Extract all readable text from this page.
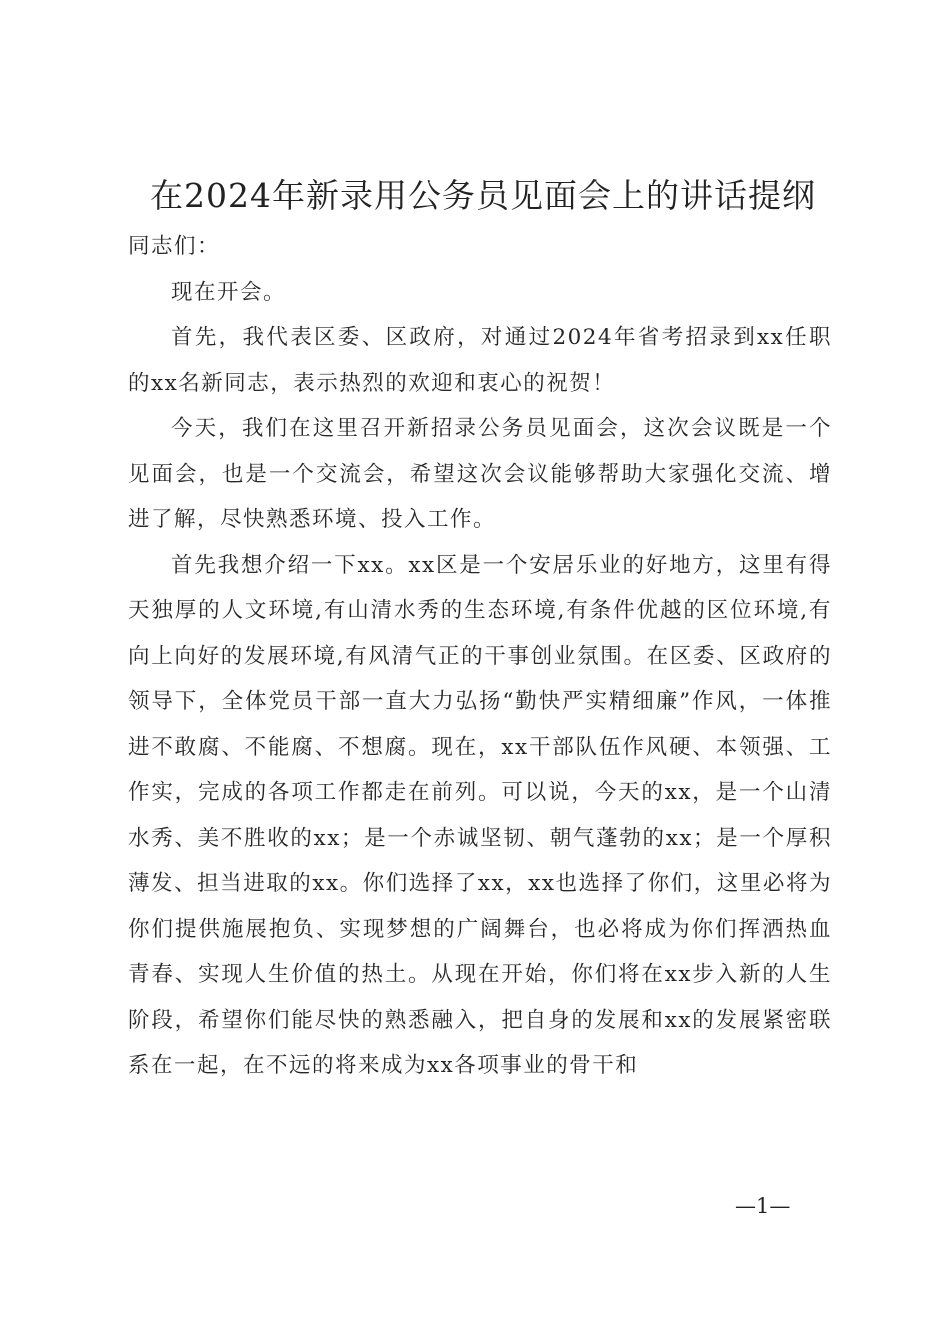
在2024年新录用公务员见面会上的讲话提纲

同志们：

现在开会。

首先，我代表区委、区政府，对通过2024年省考招录到xx任职的xx名新同志，表示热烈的欢迎和衷心的祝贺！

今天，我们在这里召开新招录公务员见面会，这次会议既是一个见面会，也是一个交流会，希望这次会议能够帮助大家强化交流、增进了解，尽快熟悉环境、投入工作。

首先我想介绍一下xx。xx区是一个安居乐业的好地方，这里有得天独厚的人文环境,有山清水秀的生态环境,有条件优越的区位环境,有向上向好的发展环境,有风清气正的干事创业氛围。在区委、区政府的领导下，全体党员干部一直大力弘扬“勤快严实精细廉”作风，一体推进不敢腐、不能腐、不想腐。现在，xx干部队伍作风硬、本领强、工作实，完成的各项工作都走在前列。可以说，今天的xx，是一个山清水秀、美不胜收的xx；是一个赤诚坚韧、朝气蓬勃的xx；是一个厚积薄发、担当进取的xx。你们选择了xx，xx也选择了你们，这里必将为你们提供施展抱负、实现梦想的广阔舞台，也必将成为你们挥洒热血青春、实现人生价值的热土。从现在开始，你们将在xx步入新的人生阶段，希望你们能尽快的熟悉融入，把自身的发展和xx的发展紧密联系在一起，在不远的将来成为xx各项事业的骨干和

—1—
